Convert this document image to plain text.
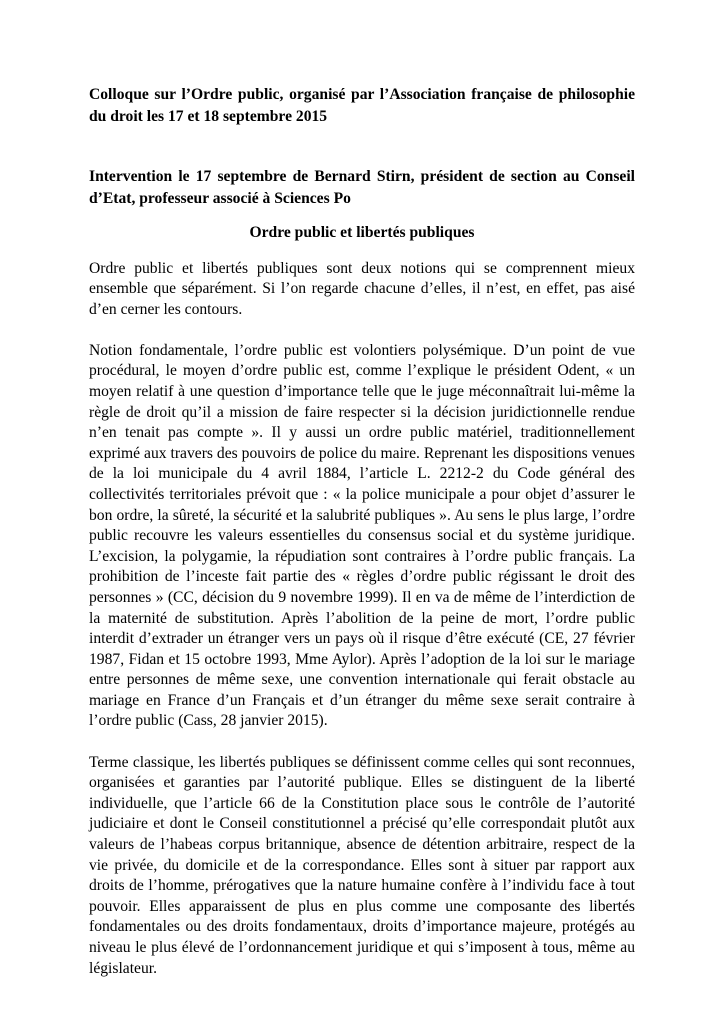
Colloque sur l’Ordre public, organisé par l’Association française de philosophie du droit les 17 et 18 septembre 2015

Intervention le 17 septembre de Bernard Stirn, président de section au Conseil d’Etat, professeur associé à Sciences Po

Ordre public et libertés publiques

Ordre public et libertés publiques sont deux notions qui se comprennent mieux ensemble que séparément. Si l’on regarde chacune d’elles, il n’est, en effet, pas aisé d’en cerner les contours.

Notion fondamentale, l’ordre public est volontiers polysémique. D’un point de vue procédural, le moyen d’ordre public est, comme l’explique le président Odent, « un moyen relatif à une question d’importance telle que le juge méconnaîtrait lui-même la règle de droit qu’il a mission de faire respecter si la décision juridictionnelle rendue n’en tenait pas compte ». Il y aussi un ordre public matériel, traditionnellement exprimé aux travers des pouvoirs de police du maire. Reprenant les dispositions venues de la loi municipale du 4 avril 1884, l’article L. 2212-2 du Code général des collectivités territoriales prévoit que : « la police municipale a pour objet d’assurer le bon ordre, la sûreté, la sécurité et la salubrité publiques ». Au sens le plus large, l’ordre public recouvre les valeurs essentielles du consensus social et du système juridique. L’excision, la polygamie, la répudiation sont contraires à l’ordre public français. La prohibition de l’inceste fait partie des « règles d’ordre public régissant le droit des personnes » (CC, décision du 9 novembre 1999). Il en va de même de l’interdiction de la maternité de substitution. Après l’abolition de la peine de mort, l’ordre public interdit d’extrader un étranger vers un pays où il risque d’être exécuté (CE, 27 février 1987, Fidan et 15 octobre 1993, Mme Aylor). Après l’adoption de la loi sur le mariage entre personnes de même sexe, une convention internationale qui ferait obstacle au mariage en France d’un Français et d’un étranger du même sexe serait contraire à l’ordre public (Cass, 28 janvier 2015).

Terme classique, les libertés publiques se définissent comme celles qui sont reconnues, organisées et garanties par l’autorité publique. Elles se distinguent de la liberté individuelle, que l’article 66 de la Constitution place sous le contrôle de l’autorité judiciaire et dont le Conseil constitutionnel a précisé qu’elle correspondait plutôt aux valeurs de l’habeas corpus britannique, absence de détention arbitraire, respect de la vie privée, du domicile et de la correspondance. Elles sont à situer par rapport aux droits de l’homme, prérogatives que la nature humaine confère à l’individu face à tout pouvoir. Elles apparaissent de plus en plus comme une composante des libertés fondamentales ou des droits fondamentaux, droits d’importance majeure, protégés au niveau le plus élevé de l’ordonnancement juridique et qui s’imposent à tous, même au législateur.
